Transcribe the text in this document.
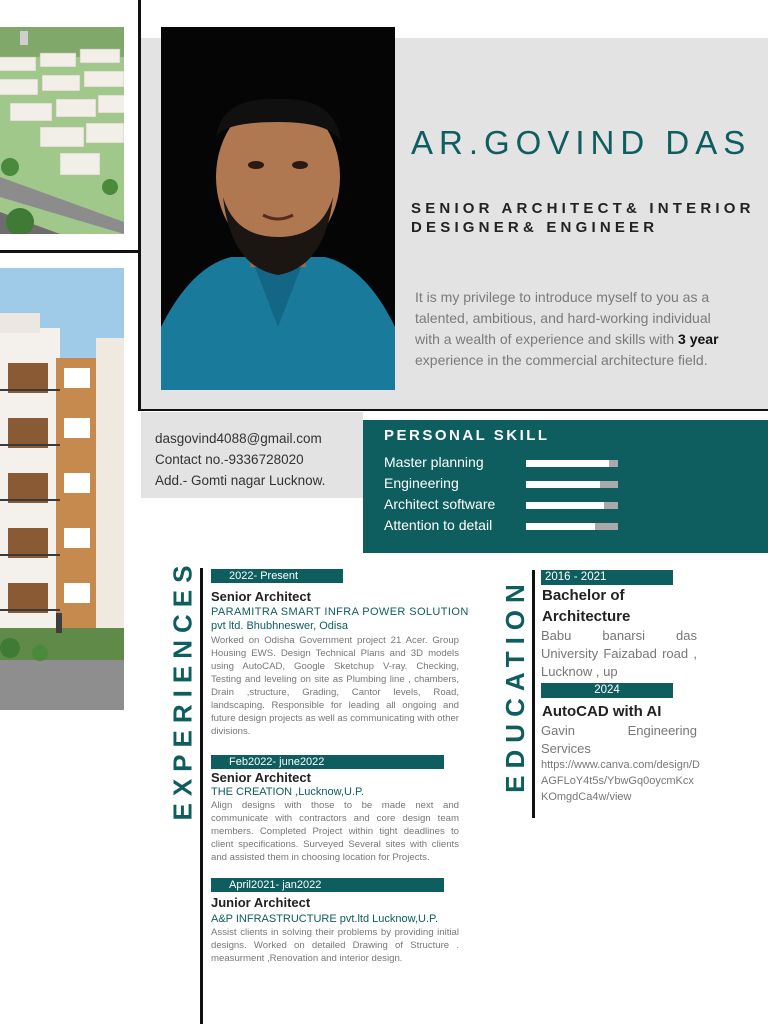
AR.GOVIND DAS
SENIOR ARCHITECT& INTERIOR DESIGNER& ENGINEER
It is my privilege to introduce myself to you as a talented, ambitious, and hard-working individual with a wealth of experience and skills with 3 year experience in the commercial architecture field.
dasgovind4088@gmail.com
Contact no.-9336728020
Add.- Gomti nagar Lucknow.
PERSONAL SKILL
Master planning
Engineering
Architect software
Attention to detail
EXPERIENCES	EDUCATION
2022- Present
Senior Architect
PARAMITRA SMART INFRA POWER SOLUTION
pvt ltd. Bhubhneswer, Odisa
Worked on Odisha Government project 21 Acer. Group Housing EWS. Design Technical Plans and 3D models using AutoCAD, Google Sketchup V-ray. Checking, Testing and leveling on site as Plumbing line , chambers, Drain ,structure, Grading, Cantor levels, Road, landscaping. Responsible for leading all ongoing and future design projects as well as communicating with other divisions.
Feb2022- june2022
Senior Architect
THE CREATION ,Lucknow,U.P.
Align designs with those to be made next and communicate with contractors and core design team members. Completed Project within tight deadlines to client specifications. Surveyed Several sites with clients and assisted them in choosing location for Projects.
April2021- jan2022
Junior Architect
A&P INFRASTRUCTURE pvt.ltd Lucknow,U.P.
Assist clients in solving their problems by providing initial designs. Worked on detailed Drawing of Structure . measurment ,Renovation and interior design.
2016 - 2021
Bachelor of Architecture
Babu banarsi das University Faizabad road , Lucknow , up
2024
AutoCAD with AI
Gavin Engineering Services
https://www.canva.com/design/DAGFLoY4t5s/YbwGq0oycmKcxKOmgdCa4w/view
